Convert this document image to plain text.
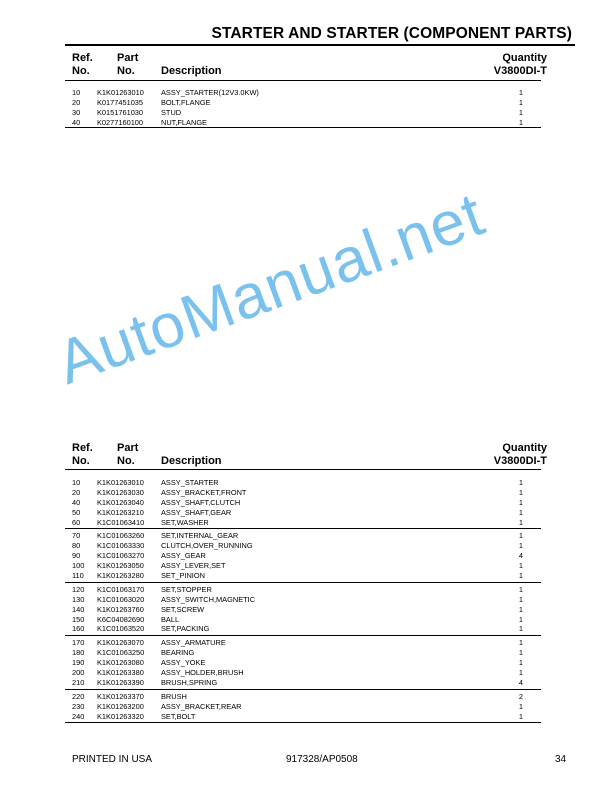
STARTER AND STARTER (COMPONENT PARTS)
Ref.
No.
Part
No.	Description
Quantity
V3800DI-T
10 K1K01263010 ASSY_STARTER(12V3.0KW)	1
20 K0177451035 BOLT,FLANGE	1
30 K0151761030 STUD	1
40 K0277160100 NUT,FLANGE	1
AutoManual.net
Ref.
No.
Part
No.	Description
Quantity
V3800DI-T
10 K1K01263010 ASSY_STARTER	1
20 K1K01263030 ASSY_BRACKET,FRONT	1
40 K1K01263040 ASSY_SHAFT,CLUTCH	1
50 K1K01263210 ASSY_SHAFT,GEAR	1
60 K1C01063410 SET,WASHER	1
70 K1C01063260 SET,INTERNAL_GEAR	1
80 K1C01063330 CLUTCH,OVER_RUNNING	1
90 K1C01063270 ASSY_GEAR	4
100 K1K01263050 ASSY_LEVER,SET	1
110 K1K01263280 SET_PINION	1
120 K1C01063170 SET,STOPPER	1
130 K1C01063020 ASSY_SWITCH,MAGNETIC	1
140 K1K01263760 SET,SCREW	1
150 K6C04082690 BALL	1
160 K1C01063520 SET,PACKING	1
170 K1K01263070 ASSY_ARMATURE	1
180 K1C01063250 BEARING	1
190 K1K01263080 ASSY_YOKE	1
200 K1K01263380 ASSY_HOLDER,BRUSH	1
210 K1K01263390 BRUSH,SPRING	4
220 K1K01263370 BRUSH	2
230 K1K01263200 ASSY_BRACKET,REAR	1
240 K1K01263320 SET,BOLT	1
PRINTED IN USA	917328/AP0508	34
